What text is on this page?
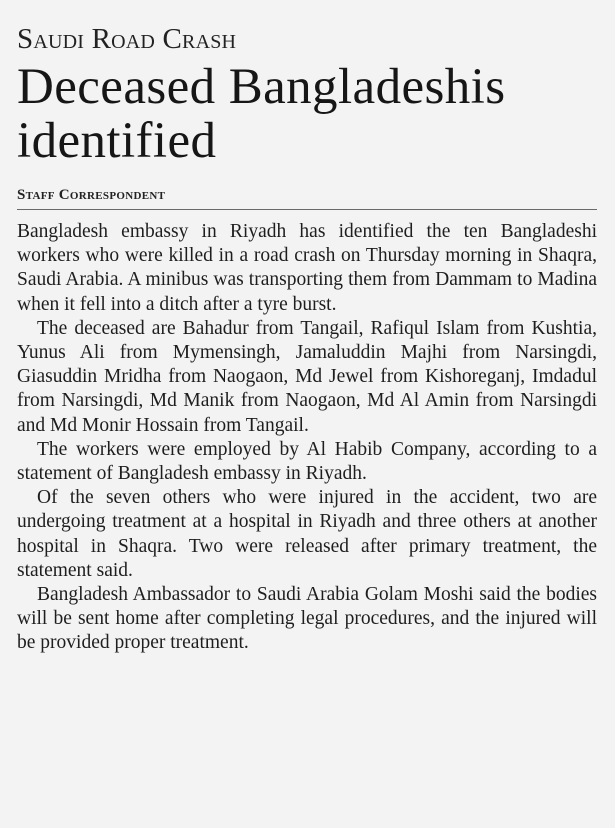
Saudi Road Crash
Deceased Bangladeshis identified
Staff Correspondent

Bangladesh embassy in Riyadh has identified the ten Bangladeshi workers who were killed in a road crash on Thursday morning in Shaqra, Saudi Arabia. A minibus was transporting them from Dammam to Madina when it fell into a ditch after a tyre burst.

The deceased are Bahadur from Tangail, Rafiqul Islam from Kushtia, Yunus Ali from Mymensingh, Jamaluddin Majhi from Narsingdi, Giasuddin Mridha from Naogaon, Md Jewel from Kishoreganj, Imdadul from Narsingdi, Md Manik from Naogaon, Md Al Amin from Narsingdi and Md Monir Hossain from Tangail.

The workers were employed by Al Habib Company, according to a statement of Bangladesh embassy in Riyadh.

Of the seven others who were injured in the accident, two are undergoing treatment at a hospital in Riyadh and three others at another hospital in Shaqra. Two were released after primary treatment, the statement said.

Bangladesh Ambassador to Saudi Arabia Golam Moshi said the bodies will be sent home after completing legal procedures, and the injured will be provided proper treatment.
